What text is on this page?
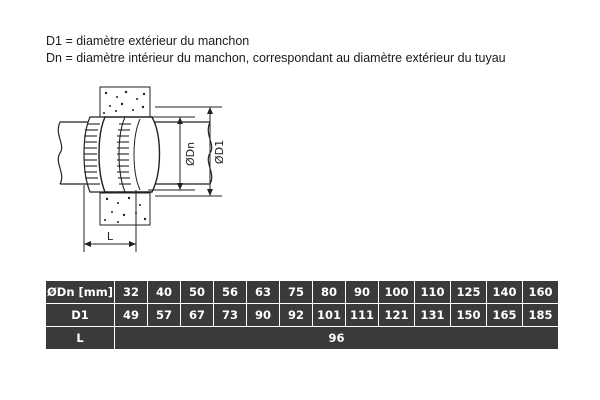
D1 = diamètre extérieur du manchon
Dn = diamètre intérieur du manchon, correspondant au diamètre extérieur du tuyau
ØDn ØD1
L
ØDn [mm]	32	40	50	56	63	75	80	90	100	110	125	140	160
D1	49	57	67	73	90	92	101	111	121	131	150	165	185
L	96												
